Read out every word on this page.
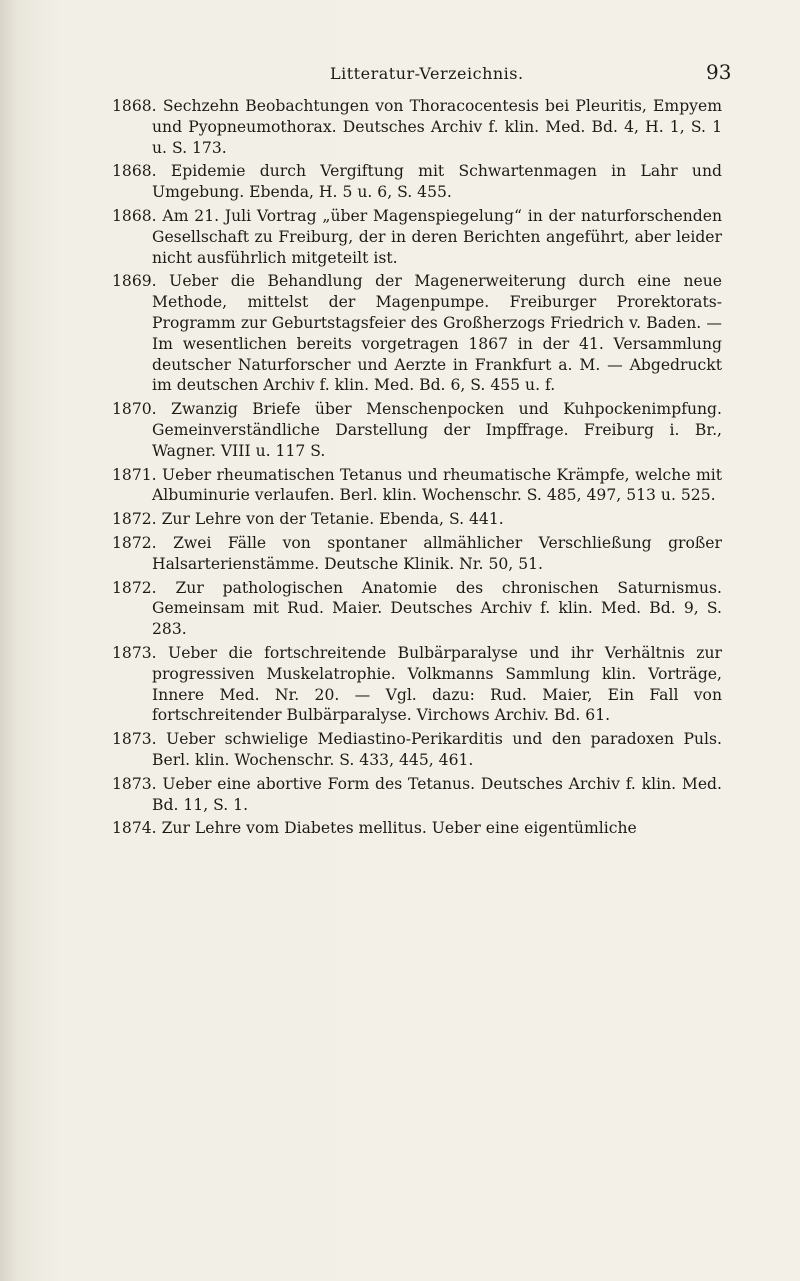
Litteratur-Verzeichnis.	93

1868. Sechzehn Beobachtungen von Thoracocentesis bei Pleuritis, Empyem und Pyopneumothorax. Deutsches Archiv f. klin. Med. Bd. 4, H. 1, S. 1 u. S. 173.

1868. Epidemie durch Vergiftung mit Schwartenmagen in Lahr und Umgebung. Ebenda, H. 5 u. 6, S. 455.

1868. Am 21. Juli Vortrag „über Magenspiegelung“ in der naturforschenden Gesellschaft zu Freiburg, der in deren Berichten angeführt, aber leider nicht ausführlich mitgeteilt ist.

1869. Ueber die Behandlung der Magenerweiterung durch eine neue Methode, mittelst der Magenpumpe. Freiburger Prorektorats-Programm zur Geburtstagsfeier des Großherzogs Friedrich v. Baden. — Im wesentlichen bereits vorgetragen 1867 in der 41. Versammlung deutscher Naturforscher und Aerzte in Frankfurt a. M. — Abgedruckt im deutschen Archiv f. klin. Med. Bd. 6, S. 455 u. f.

1870. Zwanzig Briefe über Menschenpocken und Kuhpockenimpfung. Gemeinverständliche Darstellung der Impffrage. Freiburg i. Br., Wagner. VIII u. 117 S.

1871. Ueber rheumatischen Tetanus und rheumatische Krämpfe, welche mit Albuminurie verlaufen. Berl. klin. Wochenschr. S. 485, 497, 513 u. 525.

1872. Zur Lehre von der Tetanie. Ebenda, S. 441.

1872. Zwei Fälle von spontaner allmählicher Verschließung großer Halsarterienstämme. Deutsche Klinik. Nr. 50, 51.

1872. Zur pathologischen Anatomie des chronischen Saturnismus. Gemeinsam mit Rud. Maier. Deutsches Archiv f. klin. Med. Bd. 9, S. 283.

1873. Ueber die fortschreitende Bulbärparalyse und ihr Verhältnis zur progressiven Muskelatrophie. Volkmanns Sammlung klin. Vorträge, Innere Med. Nr. 20. — Vgl. dazu: Rud. Maier, Ein Fall von fortschreitender Bulbärparalyse. Virchows Archiv. Bd. 61.

1873. Ueber schwielige Mediastino-Perikarditis und den paradoxen Puls. Berl. klin. Wochenschr. S. 433, 445, 461.

1873. Ueber eine abortive Form des Tetanus. Deutsches Archiv f. klin. Med. Bd. 11, S. 1.

1874. Zur Lehre vom Diabetes mellitus. Ueber eine eigentümliche
